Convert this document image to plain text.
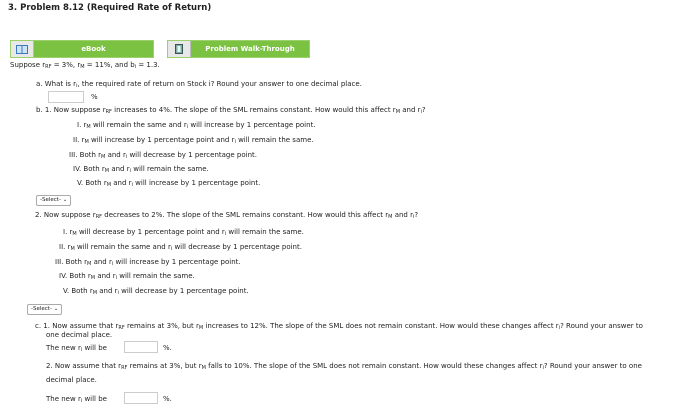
3. Problem 8.12 (Required Rate of Return)
eBook	Problem Walk-Through
Suppose $r_{RF} = 3\%$, $r_M = 11\%$, and $b_i = 1.3$.
a. What is $r_i$, the required rate of return on Stock i? Round your answer to one decimal place.
b. 1. Now suppose $r_{RF}$ increases to 4%. The slope of the SML remains constant. How would this affect $r_M$ and $r_i$?
I. $r_M$ will remain the same and $r_i$ will increase by 1 percentage point.
II. $r_M$ will increase by 1 percentage point and $r_i$ will remain the same.
III. Both $r_M$ and $r_i$ will decrease by 1 percentage point.
IV. Both $r_M$ and $r_i$ will remain the same.
V. Both $r_M$ and $r_i$ will increase by 1 percentage point.
2. Now suppose $r_{RF}$ decreases to 2%. The slope of the SML remains constant. How would this affect $r_M$ and $r_i$?
I. $r_M$ will decrease by 1 percentage point and $r_i$ will remain the same.
II. $r_M$ will remain the same and $r_i$ will decrease by 1 percentage point.
III. Both $r_M$ and $r_i$ will increase by 1 percentage point.
IV. Both $r_M$ and $r_i$ will remain the same.
V. Both $r_M$ and $r_i$ will decrease by 1 percentage point.
c. 1. Now assume that $r_{RF}$ remains at 3%, but $r_M$ increases to 12%. The slope of the SML does not remain constant. How would these changes affect $r_i$? Round your answer to
one decimal place.
The new $r_i$ will be
2. Now assume that $r_{RF}$ remains at 3%, but $r_M$ falls to 10%. The slope of the SML does not remain constant. How would these changes affect $r_i$? Round your answer to one
decimal place.
The new $r_i$ will be
%
-Select- ⌄
-Select- ⌄
%.
%.
